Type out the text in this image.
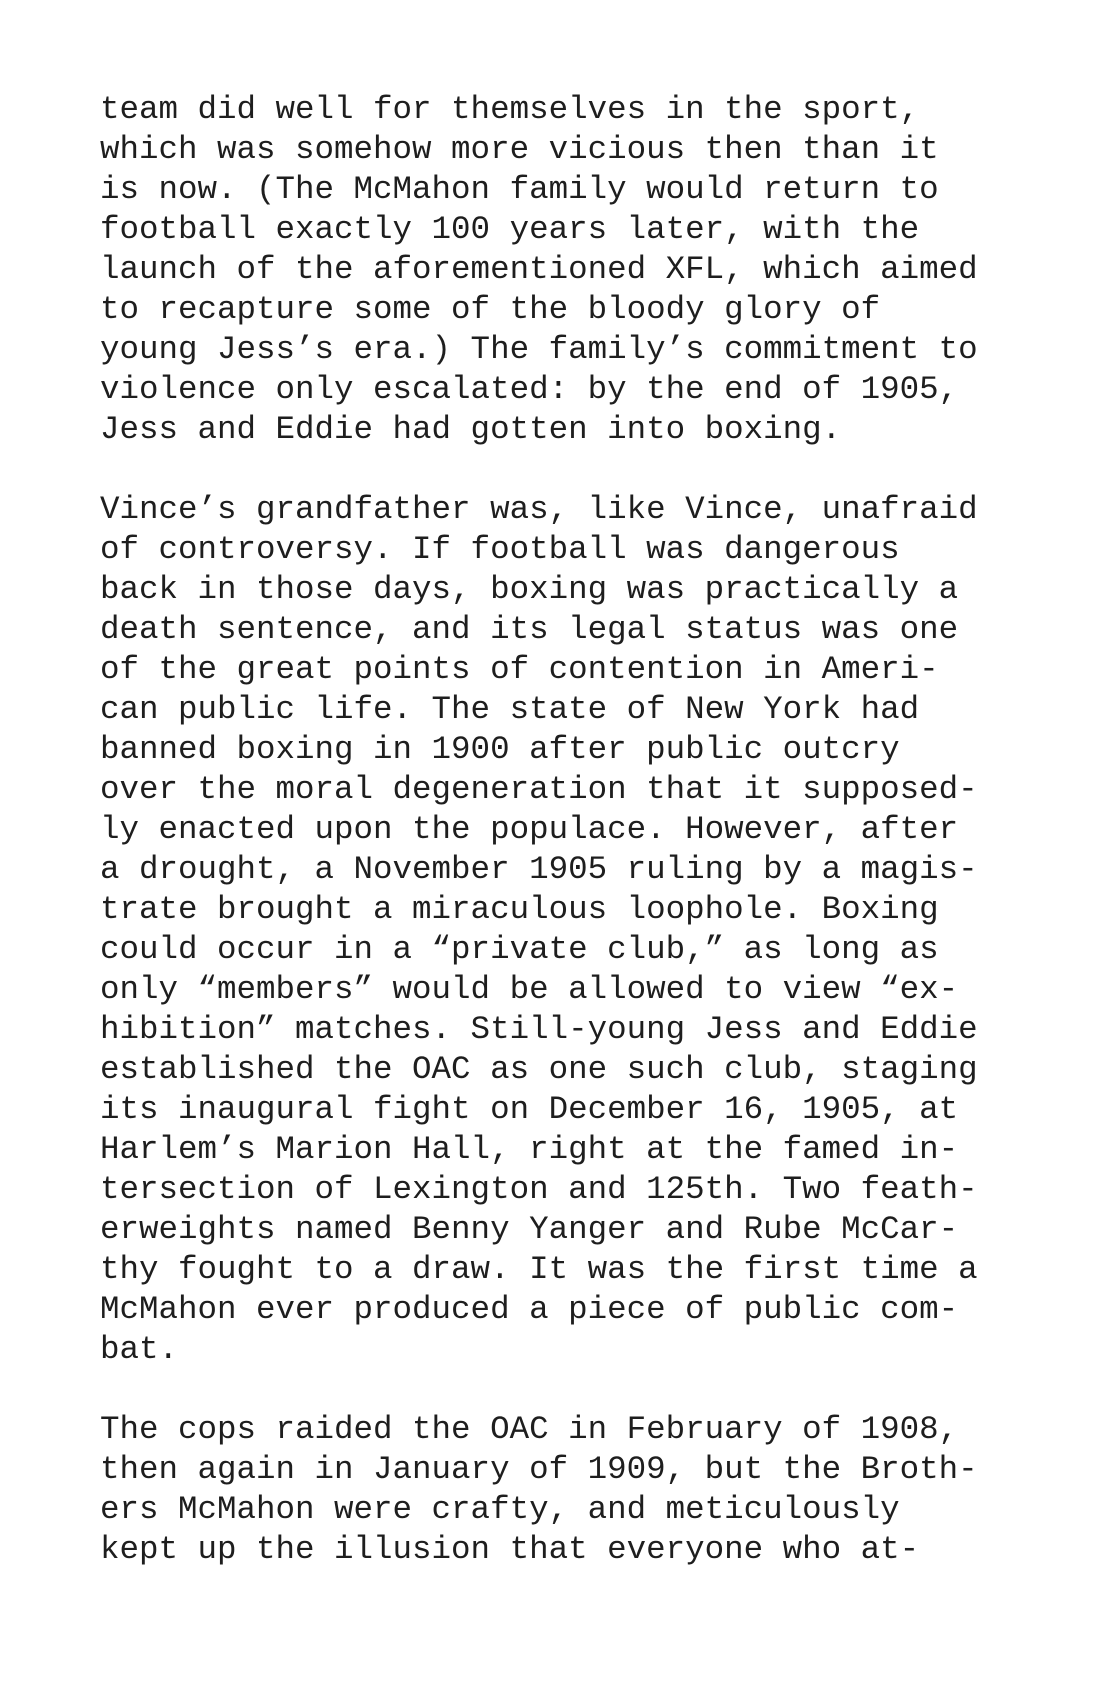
team did well for themselves in the sport,
which was somehow more vicious then than it
is now. (The McMahon family would return to
football exactly 100 years later, with the
launch of the aforementioned XFL, which aimed
to recapture some of the bloody glory of
young Jess’s era.) The family’s commitment to
violence only escalated: by the end of 1905,
Jess and Eddie had gotten into boxing.
Vince’s grandfather was, like Vince, unafraid
of controversy. If football was dangerous
back in those days, boxing was practically a
death sentence, and its legal status was one
of the great points of contention in Ameri-
can public life. The state of New York had
banned boxing in 1900 after public outcry
over the moral degeneration that it supposed-
ly enacted upon the populace. However, after
a drought, a November 1905 ruling by a magis-
trate brought a miraculous loophole. Boxing
could occur in a “private club,” as long as
only “members” would be allowed to view “ex-
hibition” matches. Still-young Jess and Eddie
established the OAC as one such club, staging
its inaugural fight on December 16, 1905, at
Harlem’s Marion Hall, right at the famed in-
tersection of Lexington and 125th. Two feath-
erweights named Benny Yanger and Rube McCar-
thy fought to a draw. It was the first time a
McMahon ever produced a piece of public com-
bat.
The cops raided the OAC in February of 1908,
then again in January of 1909, but the Broth-
ers McMahon were crafty, and meticulously
kept up the illusion that everyone who at-
